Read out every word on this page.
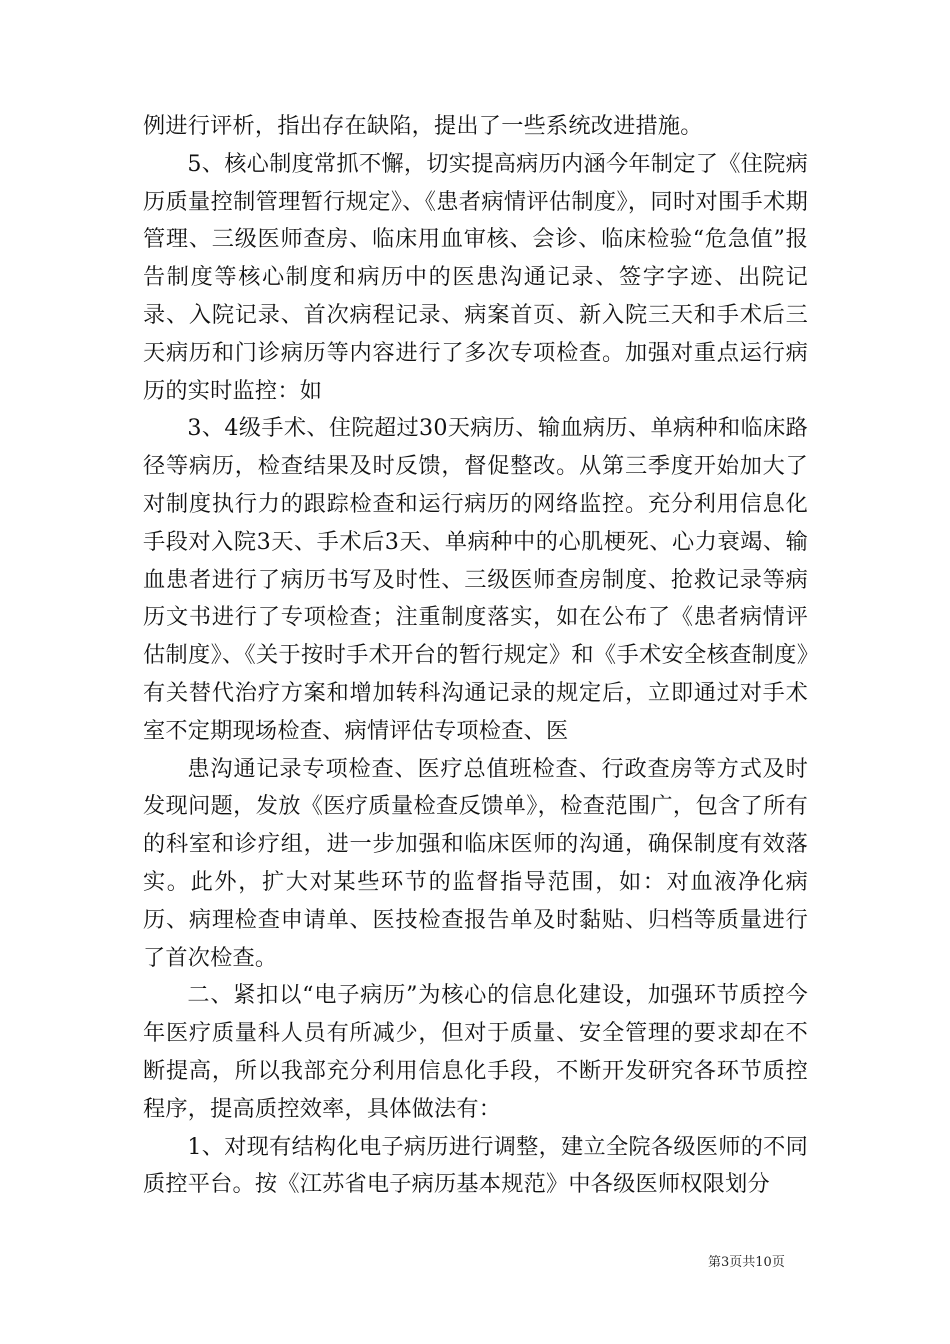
例进行评析，指出存在缺陷，提出了一些系统改进措施。

5、核心制度常抓不懈，切实提高病历内涵今年制定了《住院病历质量控制管理暂行规定》、《患者病情评估制度》，同时对围手术期管理、三级医师查房、临床用血审核、会诊、临床检验“危急值”报告制度等核心制度和病历中的医患沟通记录、签字字迹、出院记录、入院记录、首次病程记录、病案首页、新入院三天和手术后三天病历和门诊病历等内容进行了多次专项检查。加强对重点运行病历的实时监控：如

3、4级手术、住院超过30天病历、输血病历、单病种和临床路径等病历，检查结果及时反馈，督促整改。从第三季度开始加大了对制度执行力的跟踪检查和运行病历的网络监控。充分利用信息化手段对入院3天、手术后3天、单病种中的心肌梗死、心力衰竭、输血患者进行了病历书写及时性、三级医师查房制度、抢救记录等病历文书进行了专项检查；注重制度落实，如在公布了《患者病情评估制度》、《关于按时手术开台的暂行规定》和《手术安全核查制度》有关替代治疗方案和增加转科沟通记录的规定后，立即通过对手术室不定期现场检查、病情评估专项检查、医

患沟通记录专项检查、医疗总值班检查、行政查房等方式及时发现问题，发放《医疗质量检查反馈单》，检查范围广，包含了所有的科室和诊疗组，进一步加强和临床医师的沟通，确保制度有效落实。此外，扩大对某些环节的监督指导范围，如：对血液净化病历、病理检查申请单、医技检查报告单及时黏贴、归档等质量进行了首次检查。

二、紧扣以“电子病历”为核心的信息化建设，加强环节质控今年医疗质量科人员有所减少，但对于质量、安全管理的要求却在不断提高，所以我部充分利用信息化手段，不断开发研究各环节质控程序，提高质控效率，具体做法有：

1、对现有结构化电子病历进行调整，建立全院各级医师的不同质控平台。按《江苏省电子病历基本规范》中各级医师权限划分

第3页共10页
